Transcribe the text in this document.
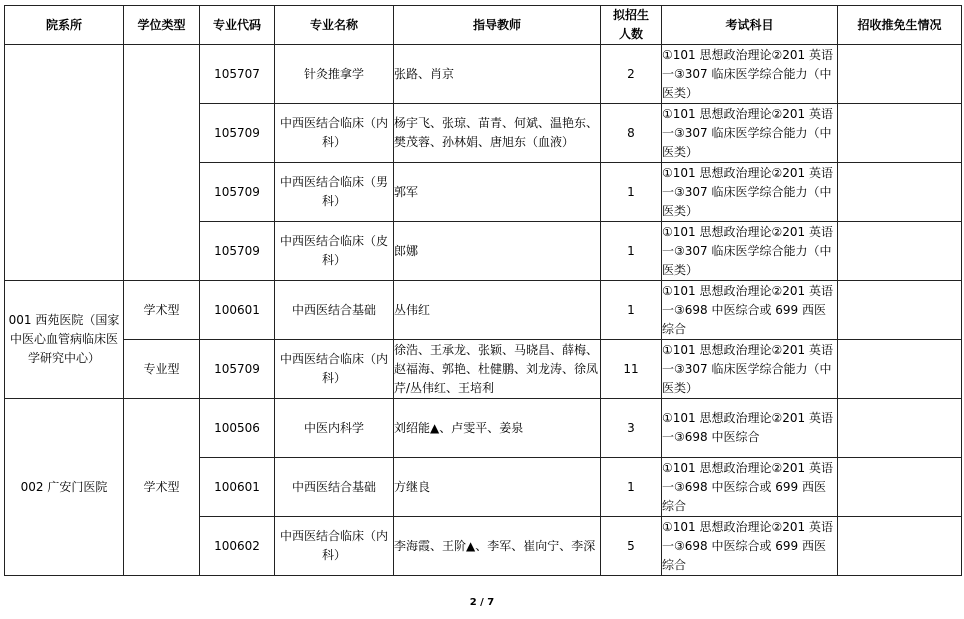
院系所	学位类型	专业代码	专业名称	指导教师	拟招生人数	考试科目	招收推免生情况
		105707	针灸推拿学	张路、肖京	2	①101 思想政治理论②201 英语一③307 临床医学综合能力（中医类）	
		105709	中西医结合临床（内科）	杨宇飞、张琼、苗青、何斌、温艳东、樊茂蓉、孙林娟、唐旭东（血液）	8	①101 思想政治理论②201 英语一③307 临床医学综合能力（中医类）	
		105709	中西医结合临床（男科）	郭军	1	①101 思想政治理论②201 英语一③307 临床医学综合能力（中医类）	
		105709	中西医结合临床（皮科）	郎娜	1	①101 思想政治理论②201 英语一③307 临床医学综合能力（中医类）	
001 西苑医院（国家中医心血管病临床医学研究中心）	学术型	100601	中西医结合基础	丛伟红	1	①101 思想政治理论②201 英语一③698 中医综合或 699 西医综合	
	专业型	105709	中西医结合临床（内科）	徐浩、王承龙、张颖、马晓昌、薛梅、赵福海、郭艳、杜健鹏、刘龙涛、徐凤芹/丛伟红、王培利	11	①101 思想政治理论②201 英语一③307 临床医学综合能力（中医类）	
002 广安门医院	学术型	100506	中医内科学	刘绍能▲、卢雯平、姜泉	3	①101 思想政治理论②201 英语一③698 中医综合	
		100601	中西医结合基础	方继良	1	①101 思想政治理论②201 英语一③698 中医综合或 699 西医综合	
		100602	中西医结合临床（内科）	李海霞、王阶▲、李军、崔向宁、李深	5	①101 思想政治理论②201 英语一③698 中医综合或 699 西医综合	
2 / 7
